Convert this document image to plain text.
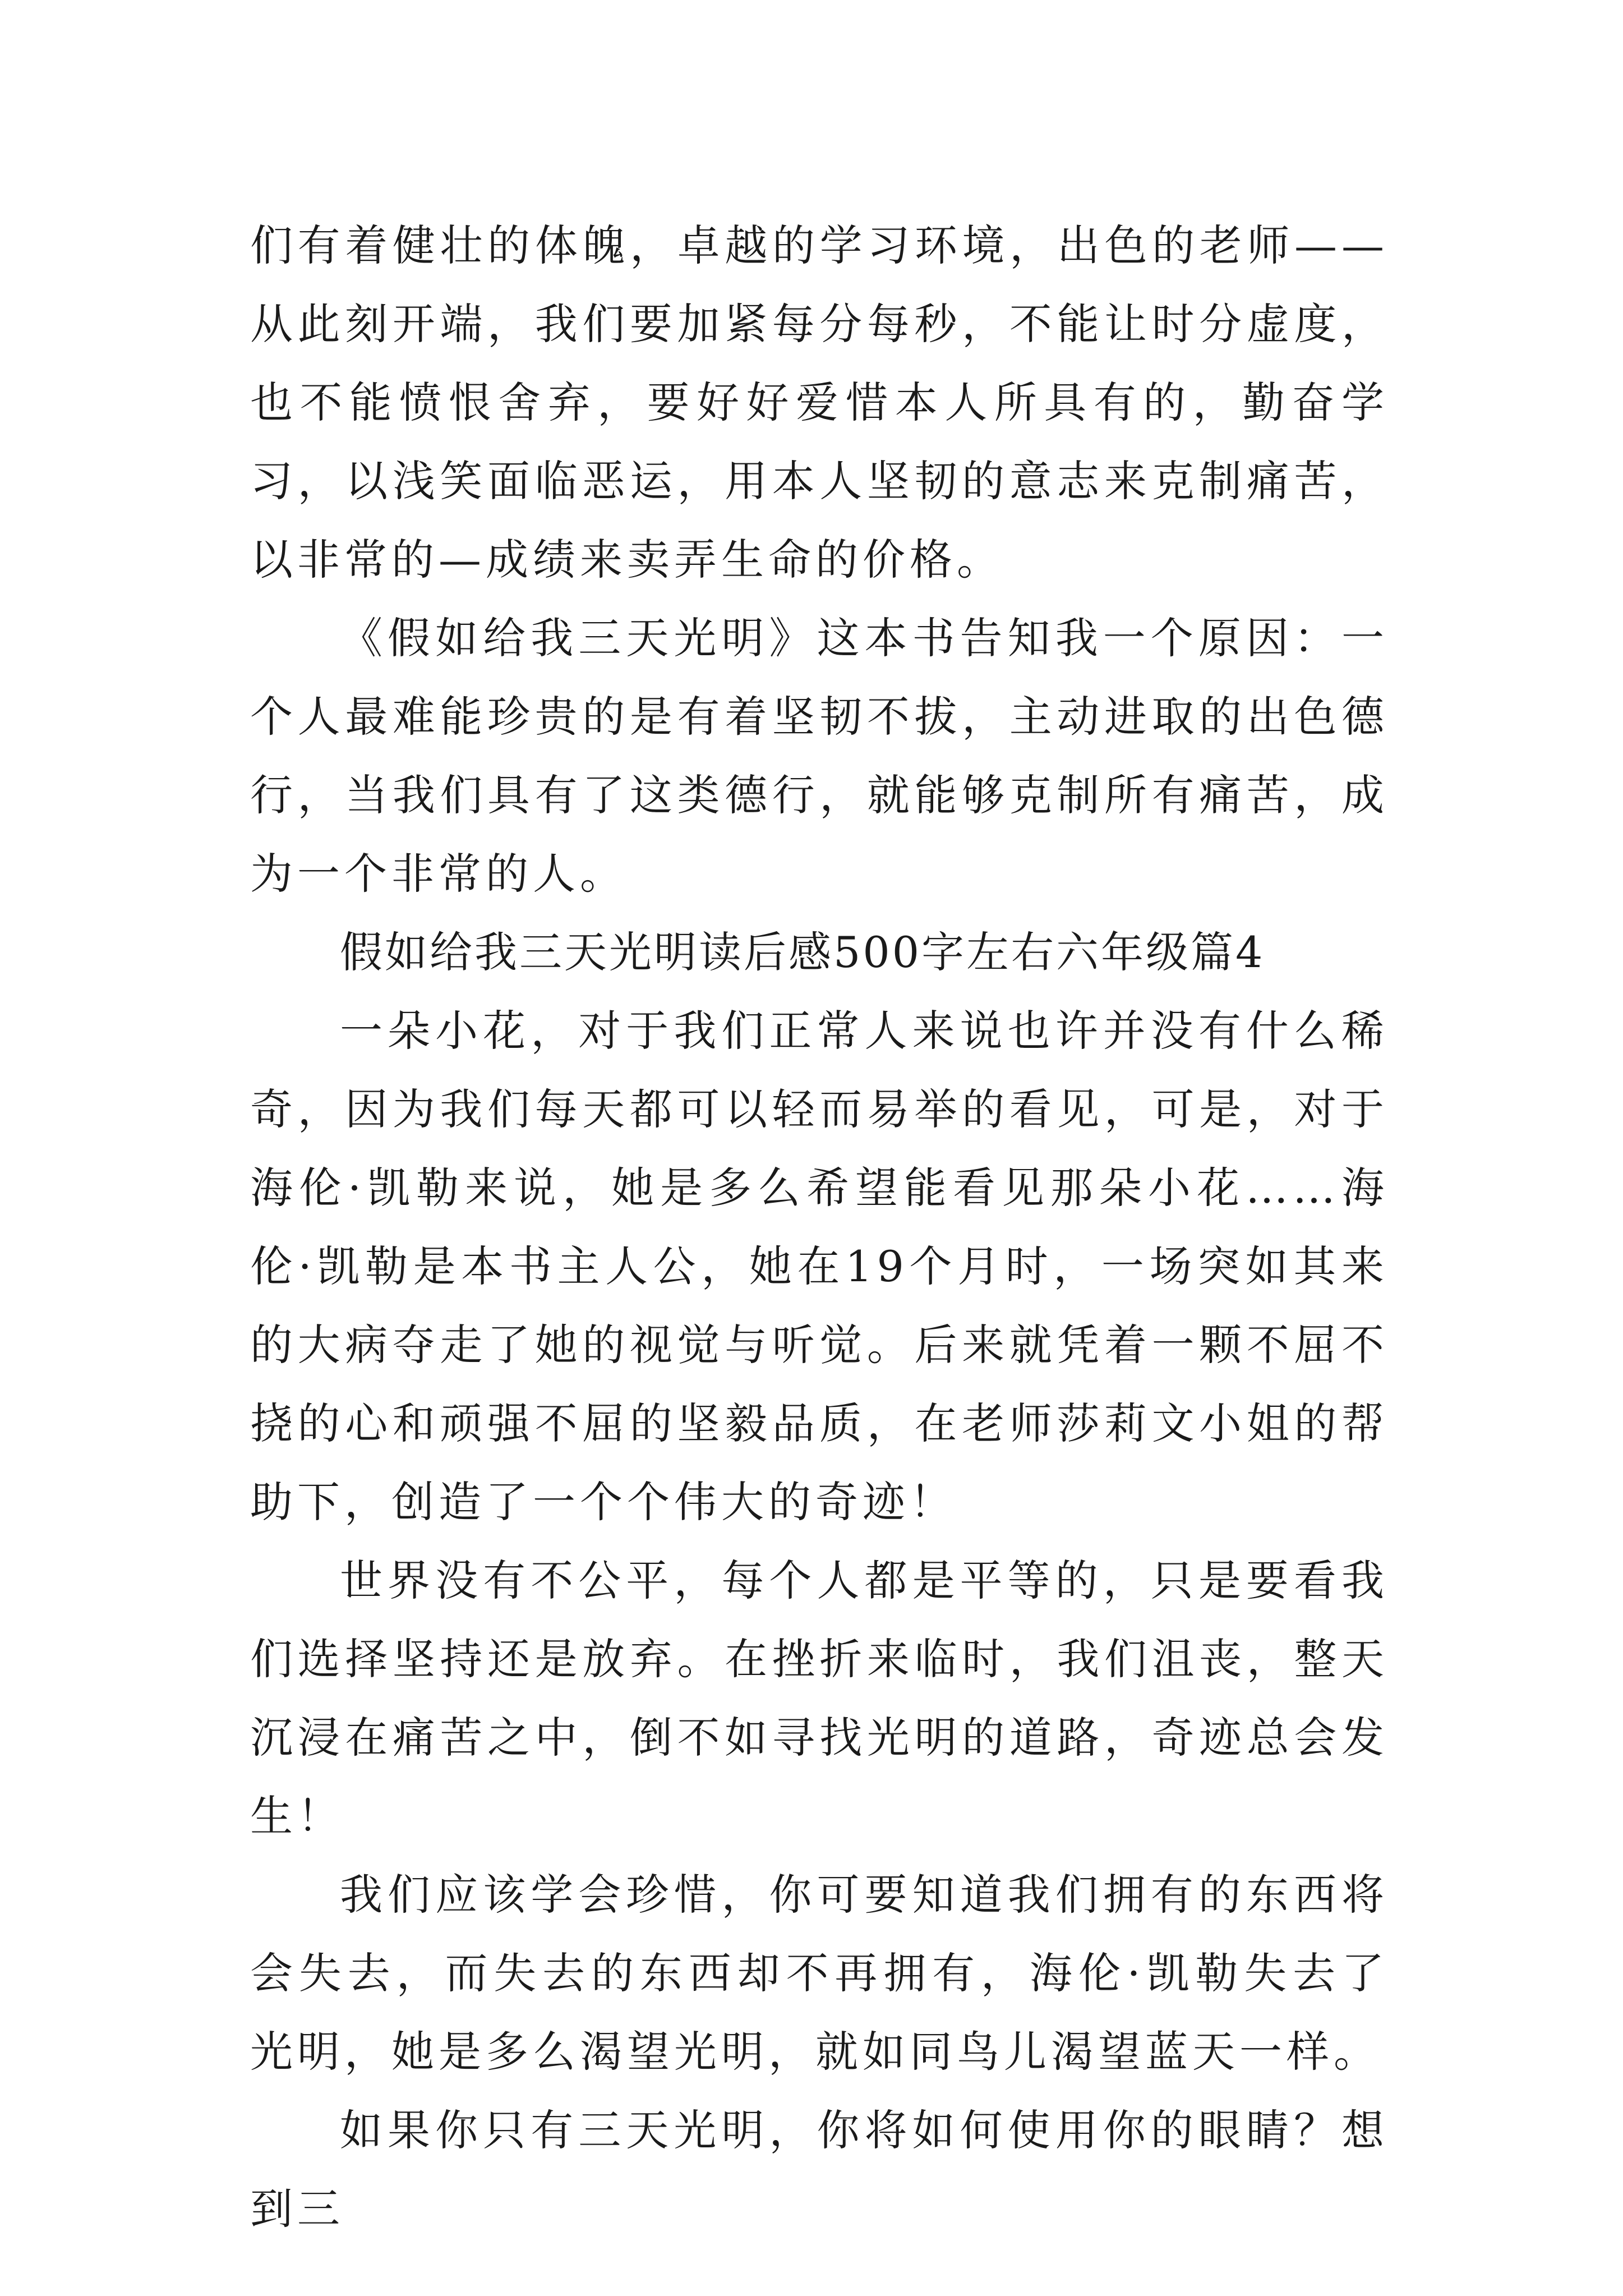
们有着健壮的体魄，卓越的学习环境，出色的老师——从此刻开端，我们要加紧每分每秒，不能让时分虚度，也不能愤恨舍弃，要好好爱惜本人所具有的，勤奋学习，以浅笑面临恶运，用本人坚韧的意志来克制痛苦，以非常的—成绩来卖弄生命的价格。

《假如给我三天光明》这本书告知我一个原因：一个人最难能珍贵的是有着坚韧不拔，主动进取的出色德行，当我们具有了这类德行，就能够克制所有痛苦，成为一个非常的人。

假如给我三天光明读后感500字左右六年级篇4

一朵小花，对于我们正常人来说也许并没有什么稀奇，因为我们每天都可以轻而易举的看见，可是，对于海伦·凯勒来说，她是多么希望能看见那朵小花……海伦·凯勒是本书主人公，她在19个月时，一场突如其来的大病夺走了她的视觉与听觉。后来就凭着一颗不屈不挠的心和顽强不屈的坚毅品质，在老师莎莉文小姐的帮助下，创造了一个个伟大的奇迹！

世界没有不公平，每个人都是平等的，只是要看我们选择坚持还是放弃。在挫折来临时，我们沮丧，整天沉浸在痛苦之中，倒不如寻找光明的道路，奇迹总会发生！

我们应该学会珍惜，你可要知道我们拥有的东西将会失去，而失去的东西却不再拥有，海伦·凯勒失去了光明，她是多么渴望光明，就如同鸟儿渴望蓝天一样。

如果你只有三天光明，你将如何使用你的眼睛？想到三
